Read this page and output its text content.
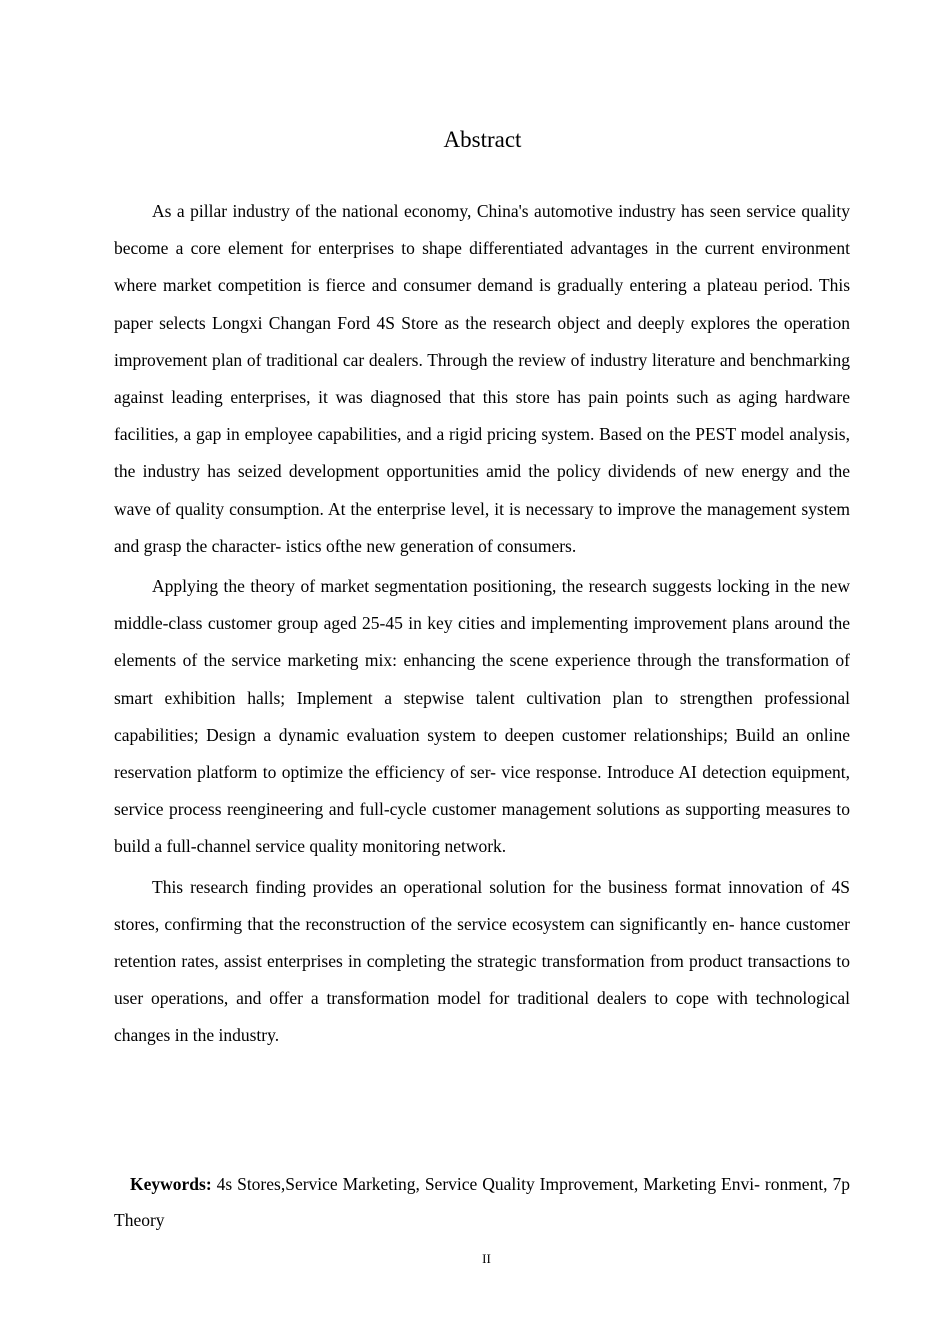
Abstract

As a pillar industry of the national economy, China's automotive industry has seen service quality become a core element for enterprises to shape differentiated advantages in the current environment where market competition is fierce and consumer demand is gradually entering a plateau period. This paper selects Longxi Changan Ford 4S Store as the research object and deeply explores the operation improvement plan of traditional car dealers. Through the review of industry literature and benchmarking against leading enterprises, it was diagnosed that this store has pain points such as aging hardware facilities, a gap in employee capabilities, and a rigid pricing system. Based on the PEST model analysis, the industry has seized development opportunities amid the policy dividends of new energy and the wave of quality consumption. At the enterprise level, it is necessary to improve the management system and grasp the character- istics ofthe new generation of consumers.

Applying the theory of market segmentation positioning, the research suggests locking in the new middle-class customer group aged 25-45 in key cities and implementing improvement plans around the elements of the service marketing mix: enhancing the scene experience through the transformation of smart exhibition halls; Implement a stepwise talent cultivation plan to strengthen professional capabilities; Design a dynamic evaluation system to deepen customer relationships; Build an online reservation platform to optimize the efficiency of ser- vice response. Introduce AI detection equipment, service process reengineering and full-cycle customer management solutions as supporting measures to build a full-channel service quality monitoring network.

This research finding provides an operational solution for the business format innovation of 4S stores, confirming that the reconstruction of the service ecosystem can significantly en- hance customer retention rates, assist enterprises in completing the strategic transformation from product transactions to user operations, and offer a transformation model for traditional dealers to cope with technological changes in the industry.

Keywords: 4s Stores,Service Marketing, Service Quality Improvement, Marketing Envi- ronment, 7p Theory

II
